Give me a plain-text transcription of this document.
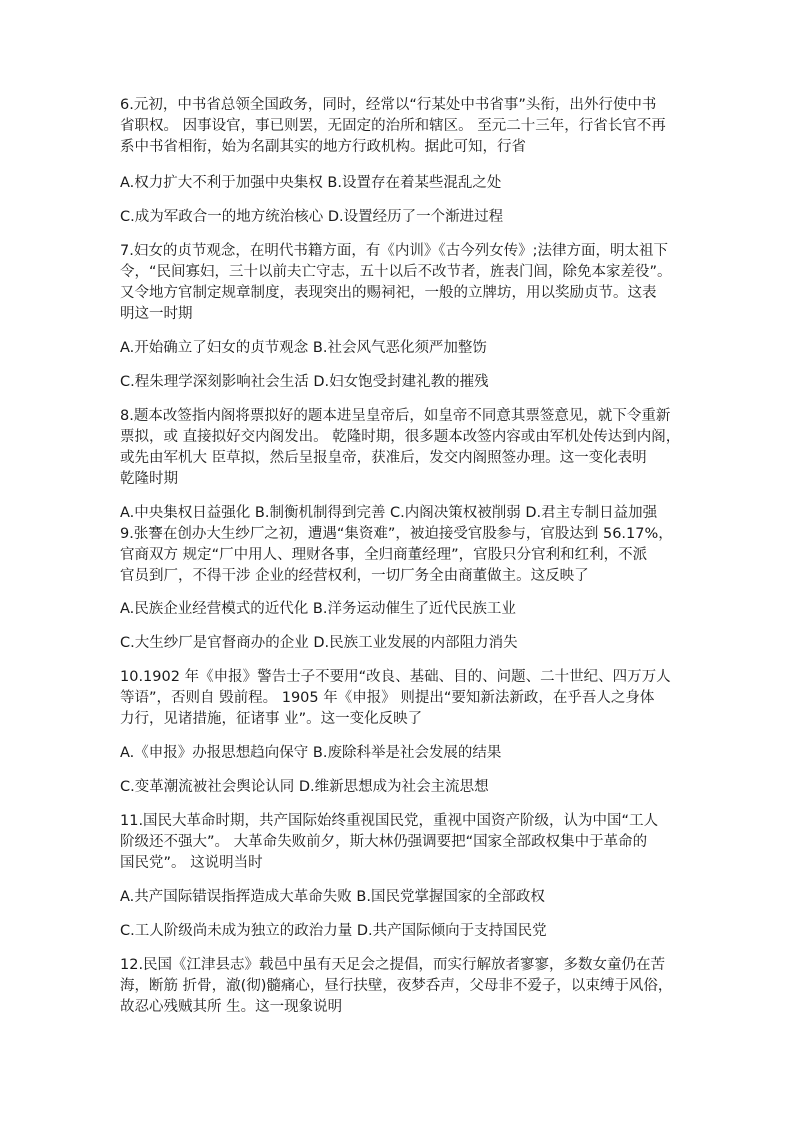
6.元初，中书省总领全国政务，同时，经常以“行某处中书省事”头衔，出外行使中书
省职权。 因事设官，事已则罢，无固定的治所和辖区。 至元二十三年，行省长官不再
系中书省相衔，始为名副其实的地方行政机构。据此可知，行省
A.权力扩大不利于加强中央集权 B.设置存在着某些混乱之处
C.成为军政合一的地方统治核心 D.设置经历了一个渐进过程
7.妇女的贞节观念，在明代书籍方面，有《内训》《古今列女传》;法律方面，明太祖下
令，“民间寡妇，三十以前夫亡守志，五十以后不改节者，旌表门闾，除免本家差役”。
又令地方官制定规章制度，表现突出的赐祠祀，一般的立牌坊，用以奖励贞节。这表
明这一时期
A.开始确立了妇女的贞节观念 B.社会风气恶化须严加整饬
C.程朱理学深刻影响社会生活 D.妇女饱受封建礼教的摧残
8.题本改签指内阁将票拟好的题本进呈皇帝后，如皇帝不同意其票签意见，就下令重新
票拟，或 直接拟好交内阁发出。 乾隆时期，很多题本改签内容或由军机处传达到内阁，
或先由军机大 臣草拟，然后呈报皇帝，获准后，发交内阁照签办理。这一变化表明
乾隆时期
A.中央集权日益强化 B.制衡机制得到完善 C.内阁决策权被削弱 D.君主专制日益加强
9.张謇在创办大生纱厂之初，遭遇“集资难”，被迫接受官股参与，官股达到 56.17%，
官商双方 规定“厂中用人、理财各事，全归商董经理”，官股只分官利和红利，不派
官员到厂，不得干涉 企业的经营权利，一切厂务全由商董做主。这反映了
A.民族企业经营模式的近代化 B.洋务运动催生了近代民族工业
C.大生纱厂是官督商办的企业 D.民族工业发展的内部阻力消失
10.1902 年《申报》警告士子不要用“改良、基础、目的、问题、二十世纪、四万万人
等语”，否则自 毁前程。 1905 年《申报》 则提出“要知新法新政，在乎吾人之身体
力行，见诸措施，征诸事 业”。这一变化反映了
A.《申报》办报思想趋向保守 B.废除科举是社会发展的结果
C.变革潮流被社会舆论认同 D.维新思想成为社会主流思想
11.国民大革命时期，共产国际始终重视国民党，重视中国资产阶级，认为中国“工人
阶级还不强大”。 大革命失败前夕，斯大林仍强调要把“国家全部政权集中于革命的
国民党”。 这说明当时
A.共产国际错误指挥造成大革命失败 B.国民党掌握国家的全部政权
C.工人阶级尚未成为独立的政治力量 D.共产国际倾向于支持国民党
12.民国《江津县志》载邑中虽有天足会之提倡，而实行解放者寥寥，多数女童仍在苦
海，断筋 折骨，澈(彻)髓痛心，昼行扶壁，夜梦呑声，父母非不爱子，以束缚于风俗，
故忍心残贼其所 生。这一现象说明
